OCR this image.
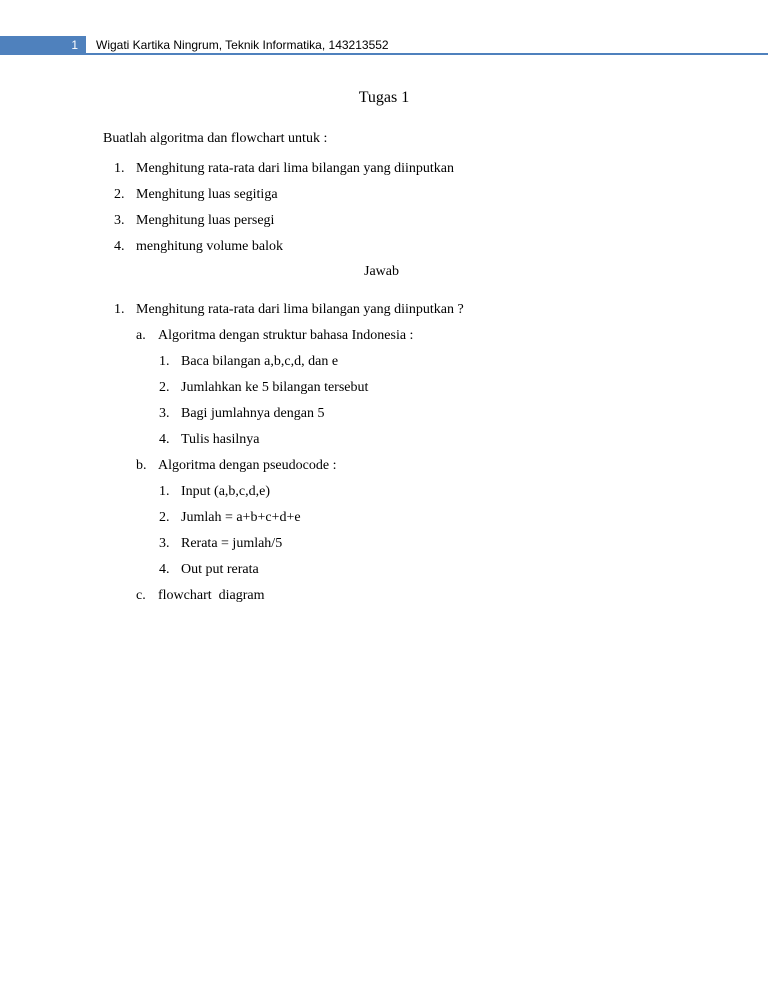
1	Wigati Kartika Ningrum, Teknik Informatika, 143213552
Tugas 1
Buatlah algoritma dan flowchart untuk :
1. Menghitung rata-rata dari lima bilangan yang diinputkan
2. Menghitung luas segitiga
3. Menghitung luas persegi
4. menghitung volume balok
Jawab
1. Menghitung rata-rata dari lima bilangan yang diinputkan ?
a. Algoritma dengan struktur bahasa Indonesia :
1. Baca bilangan a,b,c,d, dan e
2. Jumlahkan ke 5 bilangan tersebut
3. Bagi jumlahnya dengan 5
4. Tulis hasilnya
b. Algoritma dengan pseudocode :
1. Input (a,b,c,d,e)
2. Jumlah = a+b+c+d+e
3. Rerata = jumlah/5
4. Out put rerata
c. flowchart  diagram
